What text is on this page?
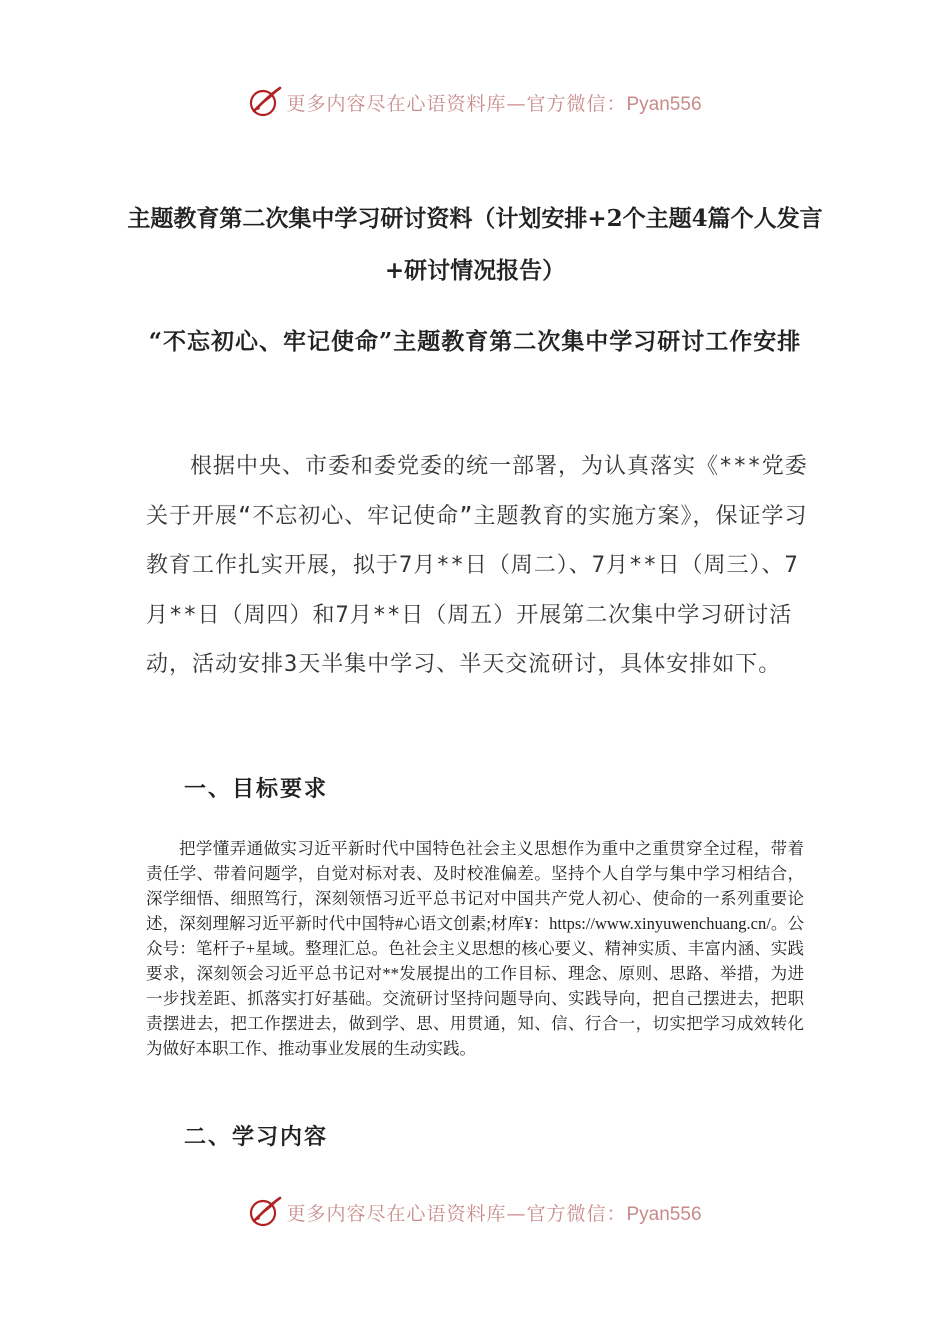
更多内容尽在心语资料库—官方微信：Pyan556
主题教育第二次集中学习研讨资料（计划安排+2个主题4篇个人发言+研讨情况报告）
“不忘初心、牢记使命”主题教育第二次集中学习研讨工作安排

根据中央、市委和委党委的统一部署，为认真落实《***党委关于开展“不忘初心、牢记使命”主题教育的实施方案》，保证学习教育工作扎实开展，拟于7月**日（周二）、7月**日（周三）、7月**日（周四）和7月**日（周五）开展第二次集中学习研讨活动，活动安排3天半集中学习、半天交流研讨，具体安排如下。

一、目标要求

把学懂弄通做实习近平新时代中国特色社会主义思想作为重中之重贯穿全过程，带着责任学、带着问题学，自觉对标对表、及时校准偏差。坚持个人自学与集中学习相结合，深学细悟、细照笃行，深刻领悟习近平总书记对中国共产党人初心、使命的一系列重要论述，深刻理解习近平新时代中国特#心语文创素;材库¥：https://www.xinyuwenchuang.cn/。公众号：笔杆子+星域。整理汇总。色社会主义思想的核心要义、精神实质、丰富内涵、实践要求，深刻领会习近平总书记对**发展提出的工作目标、理念、原则、思路、举措，为进一步找差距、抓落实打好基础。交流研讨坚持问题导向、实践导向，把自己摆进去，把职责摆进去，把工作摆进去，做到学、思、用贯通，知、信、行合一，切实把学习成效转化为做好本职工作、推动事业发展的生动实践。

二、学习内容
更多内容尽在心语资料库—官方微信：Pyan556
